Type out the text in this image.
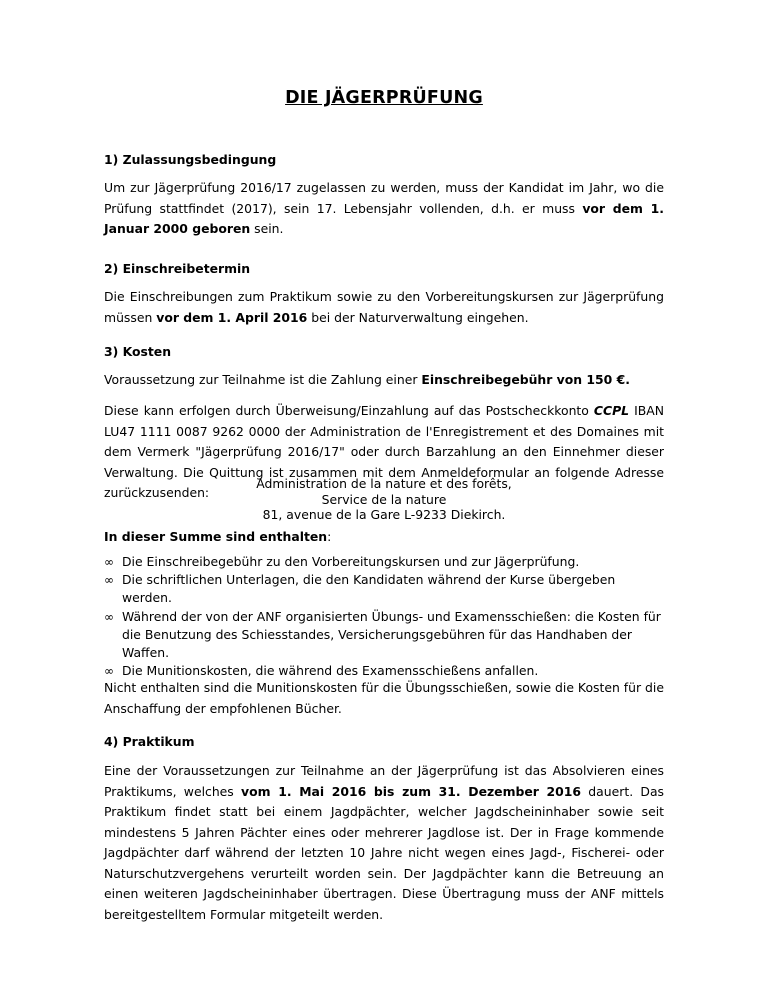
DIE JÄGERPRÜFUNG
1) Zulassungsbedingung

Um zur Jägerprüfung 2016/17 zugelassen zu werden, muss der Kandidat im Jahr, wo die Prüfung stattfindet (2017), sein 17. Lebensjahr vollenden, d.h. er muss vor dem 1. Januar 2000 geboren sein.

2) Einschreibetermin

Die Einschreibungen zum Praktikum sowie zu den Vorbereitungskursen zur Jägerprüfung müssen vor dem 1. April 2016 bei der Naturverwaltung eingehen.

3) Kosten

Voraussetzung zur Teilnahme ist die Zahlung einer Einschreibegebühr von 150 €.

Diese kann erfolgen durch Überweisung/Einzahlung auf das Postscheckkonto CCPL IBAN LU47 1111 0087 9262 0000 der Administration de l'Enregistrement et des Domaines mit dem Vermerk "Jägerprüfung 2016/17" oder durch Barzahlung an den Einnehmer dieser Verwaltung. Die Quittung ist zusammen mit dem Anmeldeformular an folgende Adresse zurückzusenden:

Administration de la nature et des forêts,
Service de la nature
81, avenue de la Gare L-9233 Diekirch.
In dieser Summe sind enthalten:
∞ Die Einschreibegebühr zu den Vorbereitungskursen und zur Jägerprüfung.
∞ Die schriftlichen Unterlagen, die den Kandidaten während der Kurse übergeben werden.
∞ Während der von der ANF organisierten Übungs- und Examensschießen: die Kosten für die Benutzung des Schiesstandes, Versicherungsgebühren für das Handhaben der Waffen.
∞ Die Munitionskosten, die während des Examensschießens anfallen.

Nicht enthalten sind die Munitionskosten für die Übungsschießen, sowie die Kosten für die Anschaffung der empfohlenen Bücher.

4) Praktikum

Eine der Voraussetzungen zur Teilnahme an der Jägerprüfung ist das Absolvieren eines Praktikums, welches vom 1. Mai 2016 bis zum 31. Dezember 2016 dauert. Das Praktikum findet statt bei einem Jagdpächter, welcher Jagdscheininhaber sowie seit mindestens 5 Jahren Pächter eines oder mehrerer Jagdlose ist. Der in Frage kommende Jagdpächter darf während der letzten 10 Jahre nicht wegen eines Jagd-, Fischerei- oder Naturschutzvergehens verurteilt worden sein. Der Jagdpächter kann die Betreuung an einen weiteren Jagdscheininhaber übertragen. Diese Übertragung muss der ANF mittels bereitgestelltem Formular mitgeteilt werden.
